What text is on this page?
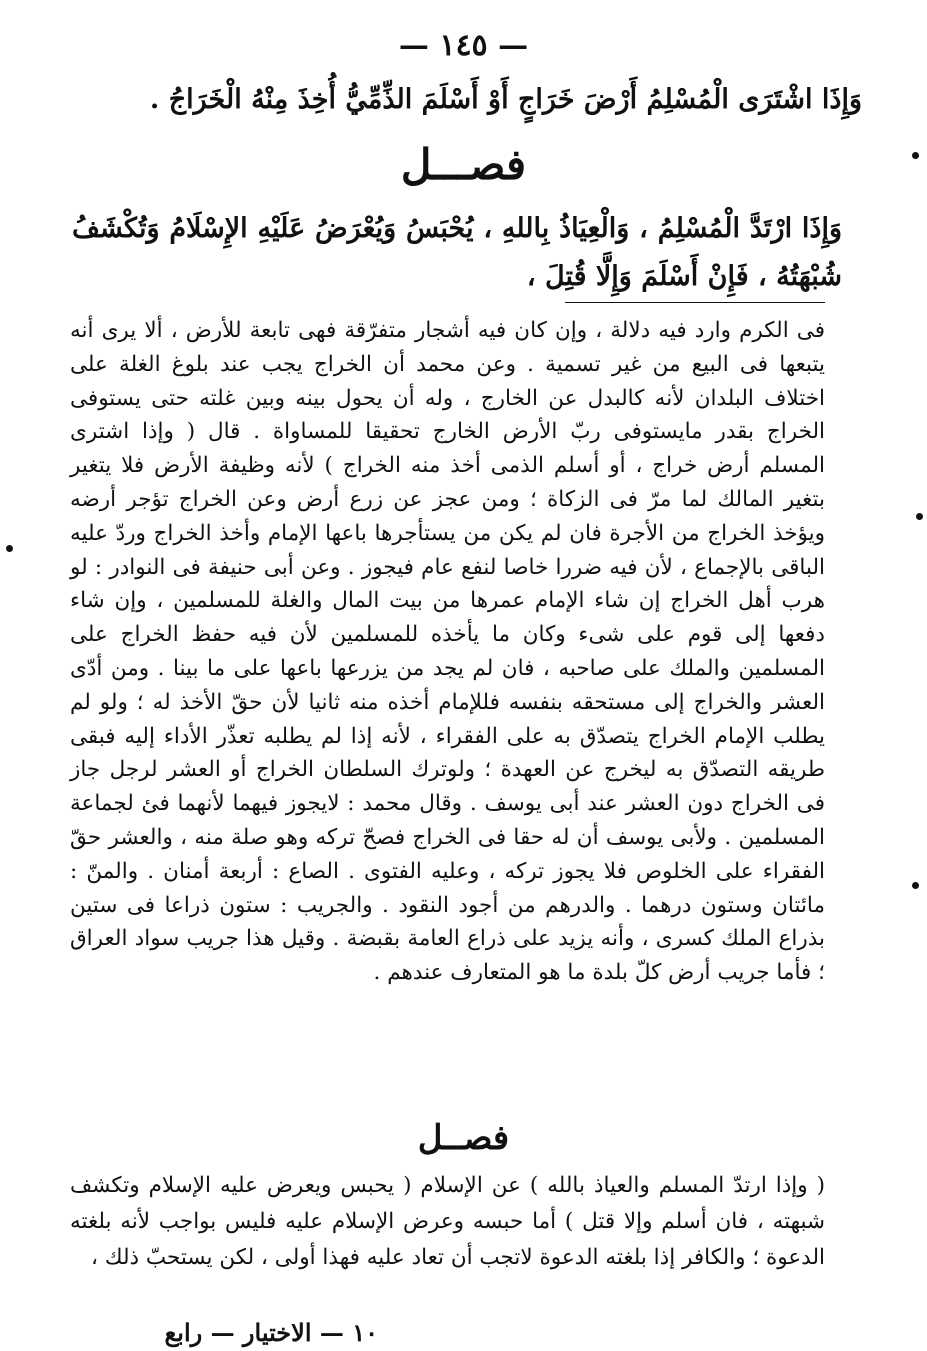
— ١٤٥ —
وَإِذَا اشْتَرَى الْمُسْلِمُ أَرْضَ خَرَاجٍ أَوْ أَسْلَمَ الذِّمِّيُّ أُخِذَ مِنْهُ الْخَرَاجُ .
فصـــل
وَإِذَا ارْتَدَّ الْمُسْلِمُ ، وَالْعِيَاذُ بِاللهِ ، يُحْبَسُ وَيُعْرَضُ عَلَيْهِ الإِسْلَامُ وَتُكْشَفُ شُبْهَتُهُ ، فَإِنْ أَسْلَمَ وَإِلَّا قُتِلَ ،
فى الكرم وارد فيه دلالة ، وإن كان فيه أشجار متفرّقة فهى تابعة للأرض ، ألا يرى أنه يتبعها فى البيع من غير تسمية . وعن محمد أن الخراج يجب عند بلوغ الغلة على اختلاف البلدان لأنه كالبدل عن الخارج ، وله أن يحول بينه وبين غلته حتى يستوفى الخراج بقدر مايستوفى ربّ الأرض الخارج تحقيقا للمساواة . قال ( وإذا اشترى المسلم أرض خراج ، أو أسلم الذمى أخذ منه الخراج ) لأنه وظيفة الأرض فلا يتغير بتغير المالك لما مرّ فى الزكاة ؛ ومن عجز عن زرع أرض وعن الخراج تؤجر أرضه ويؤخذ الخراج من الأجرة فان لم يكن من يستأجرها باعها الإمام وأخذ الخراج وردّ عليه الباقى بالإجماع ، لأن فيه ضررا خاصا لنفع عام فيجوز . وعن أبى حنيفة فى النوادر : لو هرب أهل الخراج إن شاء الإمام عمرها من بيت المال والغلة للمسلمين ، وإن شاء دفعها إلى قوم على شىء وكان ما يأخذه للمسلمين لأن فيه حفظ الخراج على المسلمين والملك على صاحبه ، فان لم يجد من يزرعها باعها على ما بينا . ومن أدّى العشر والخراج إلى مستحقه بنفسه فللإمام أخذه منه ثانيا لأن حقّ الأخذ له ؛ ولو لم يطلب الإمام الخراج يتصدّق به على الفقراء ، لأنه إذا لم يطلبه تعذّر الأداء إليه فبقى طريقه التصدّق به ليخرج عن العهدة ؛ ولوترك السلطان الخراج أو العشر لرجل جاز فى الخراج دون العشر عند أبى يوسف . وقال محمد : لايجوز فيهما لأنهما فئ لجماعة المسلمين . ولأبى يوسف أن له حقا فى الخراج فصحّ تركه وهو صلة منه ، والعشر حقّ الفقراء على الخلوص فلا يجوز تركه ، وعليه الفتوى . الصاع : أربعة أمنان . والمنّ : مائتان وستون درهما . والدرهم من أجود النقود . والجريب : ستون ذراعا فى ستين بذراع الملك كسرى ، وأنه يزيد على ذراع العامة بقبضة . وقيل هذا جريب سواد العراق ؛ فأما جريب أرض كلّ بلدة ما هو المتعارف عندهم .
فصــل
( وإذا ارتدّ المسلم والعياذ بالله ) عن الإسلام ( يحبس ويعرض عليه الإسلام وتكشف شبهته ، فان أسلم وإلا قتل ) أما حبسه وعرض الإسلام عليه فليس بواجب لأنه بلغته الدعوة ؛ والكافر إذا بلغته الدعوة لاتجب أن تعاد عليه فهذا أولى ، لكن يستحبّ ذلك ،
١٠ — الاختيار — رابع
